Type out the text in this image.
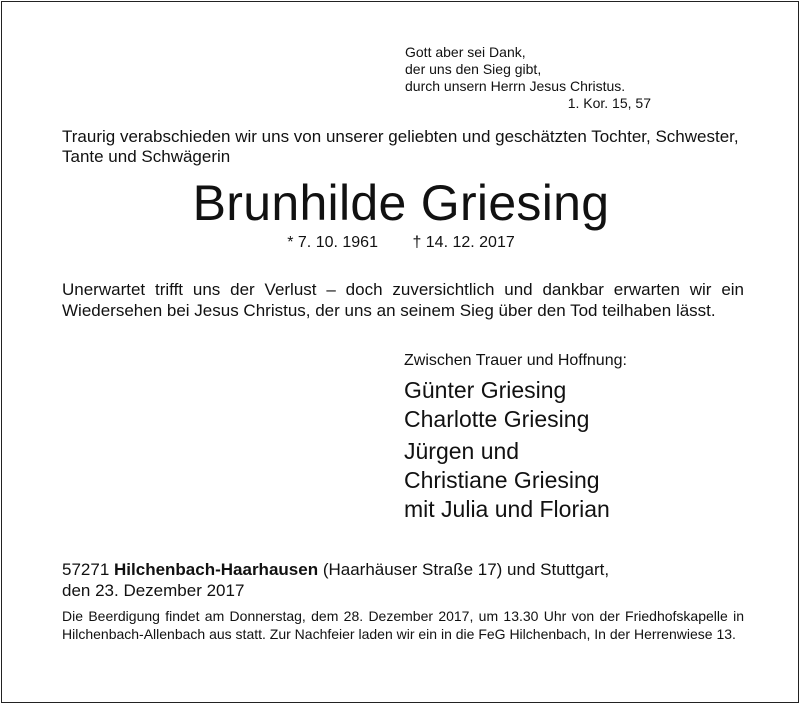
Gott aber sei Dank,
der uns den Sieg gibt,
durch unsern Herrn Jesus Christus.
1. Kor. 15, 57
Traurig verabschieden wir uns von unserer geliebten und geschätzten Tochter, Schwester, Tante und Schwägerin
Brunhilde Griesing
* 7. 10. 1961 † 14. 12. 2017
Unerwartet trifft uns der Verlust – doch zuversichtlich und dankbar erwarten wir ein Wiedersehen bei Jesus Christus, der uns an seinem Sieg über den Tod teilhaben lässt.
Zwischen Trauer und Hoffnung:
Günter Griesing
Charlotte Griesing
Jürgen und
Christiane Griesing
mit Julia und Florian
57271 Hilchenbach-Haarhausen (Haarhäuser Straße 17) und Stuttgart,
den 23. Dezember 2017
Die Beerdigung findet am Donnerstag, dem 28. Dezember 2017, um 13.30 Uhr von der Friedhofskapelle in Hilchenbach-Allenbach aus statt. Zur Nachfeier laden wir ein in die FeG Hilchenbach, In der Herrenwiese 13.
